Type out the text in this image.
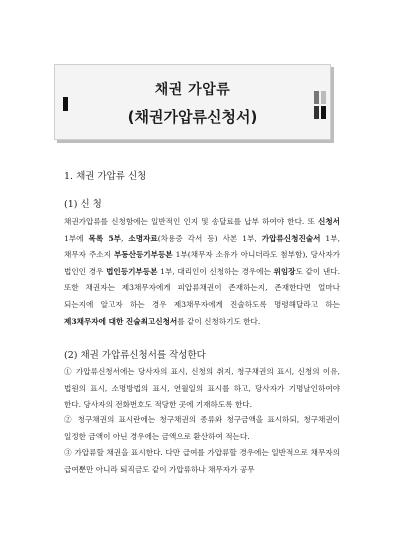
채권 가압류
(채권가압류신청서)
1. 채권 가압류 신청
(1) 신 청

채권가압류를 신청함에는 일반적인 인지 및 송달료를 납부 하여야 한다. 또 신청서 1부에 목록 5부, 소명자료(차용증 각서 등) 사본 1부, 가압류신청진술서 1부, 채무자 주소지 부동산등기부등본 1부(채무자 소유가 아니더라도 첨부함), 당사자가 법인인 경우 법인등기부등본 1부, 대리인이 신청하는 경우에는 위임장도 같이 낸다. 또한 채권자는 제3채무자에게 피압류채권이 존재하는지, 존재한다면 얼마나 되는지에 알고자 하는 경우 제3채무자에게 진술하도록 명령해달라고 하는 제3채무자에 대한 진술최고신청서를 같이 신청하기도 한다.

(2) 채권 가압류신청서를 작성한다

① 가압류신청서에는 당사자의 표시, 신청의 취지, 청구채권의 표시, 신청의 이유, 법원의 표시, 소명방법의 표시, 연월일의 표시를 하고, 당사자가 기명날인하여야 한다. 당사자의 전화번호도 적당한 곳에 기재하도록 한다.

② 청구채권의 표시란에는 청구채권의 종류와 청구금액을 표시하되, 청구채권이 일정한 금액이 아닌 경우에는 금액으로 환산하여 적는다.

③ 가압류할 채권을 표시한다. 다만 급여를 가압류할 경우에는 일반적으로 채무자의 급여뿐만 아니라 퇴직금도 같이 가압류하나 채무자가 공무
